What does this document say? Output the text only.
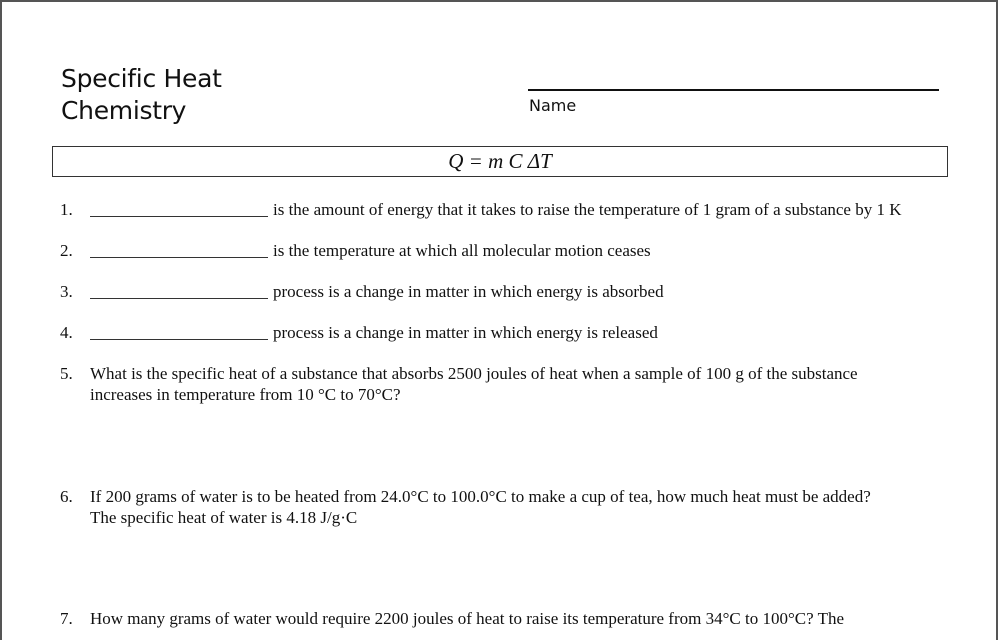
Specific Heat
Chemistry	Name
Q = m C ΔT
1.	is the amount of energy that it takes to raise the temperature of 1 gram of a substance by 1 K
2.	is the temperature at which all molecular motion ceases
3.	process is a change in matter in which energy is absorbed
4.	process is a change in matter in which energy is released
5. What is the specific heat of a substance that absorbs 2500 joules of heat when a sample of 100 g of the substance
increases in temperature from 10 °C to 70°C?
6. If 200 grams of water is to be heated from 24.0°C to 100.0°C to make a cup of tea, how much heat must be added?
The specific heat of water is 4.18 J/g·C
7. How many grams of water would require 2200 joules of heat to raise its temperature from 34°C to 100°C? The
